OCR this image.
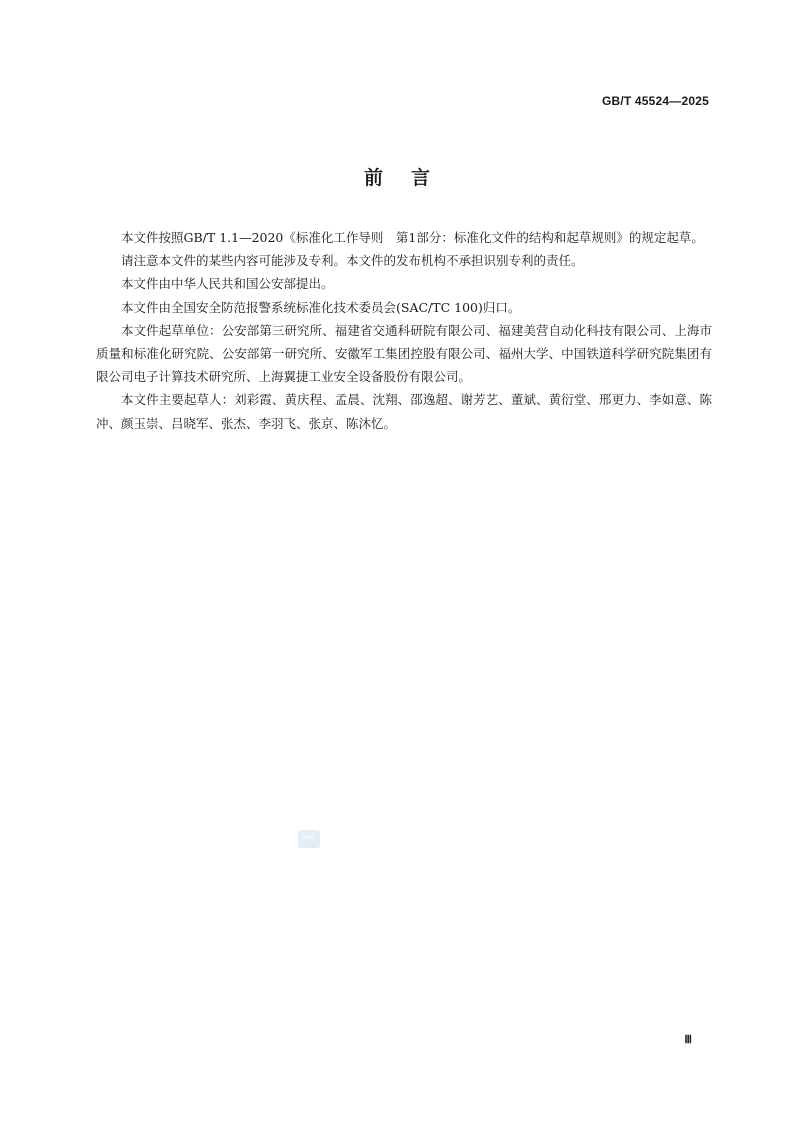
GB/T 45524—2025
前言

本文件按照GB/T 1.1—2020《标准化工作导则　第1部分：标准化文件的结构和起草规则》的规定起草。

请注意本文件的某些内容可能涉及专利。本文件的发布机构不承担识别专利的责任。

本文件由中华人民共和国公安部提出。

本文件由全国安全防范报警系统标准化技术委员会(SAC/TC 100)归口。

本文件起草单位：公安部第三研究所、福建省交通科研院有限公司、福建美营自动化科技有限公司、上海市质量和标准化研究院、公安部第一研究所、安徽军工集团控股有限公司、福州大学、中国铁道科学研究院集团有限公司电子计算技术研究所、上海翼捷工业安全设备股份有限公司。

本文件主要起草人：刘彩霞、黄庆程、孟晨、沈翔、邵逸超、谢芳艺、董斌、黄衍堂、邢更力、李如意、陈冲、颜玉崇、吕晓军、张杰、李羽飞、张京、陈沐忆。

SAC
Ⅲ
